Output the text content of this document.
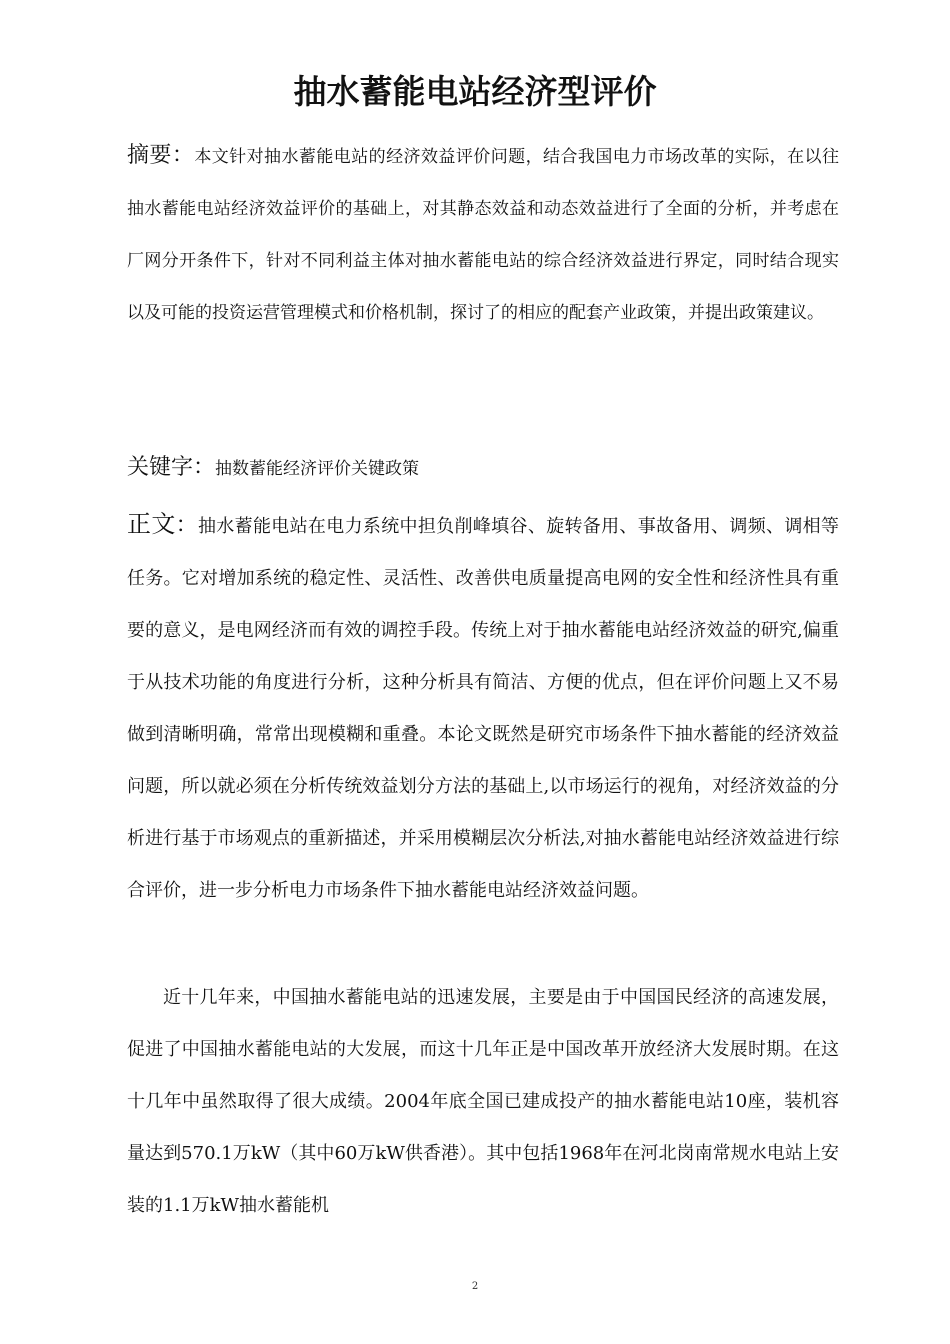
抽水蓄能电站经济型评价

摘要：本文针对抽水蓄能电站的经济效益评价问题，结合我国电力市场改革的实际，在以往抽水蓄能电站经济效益评价的基础上，对其静态效益和动态效益进行了全面的分析，并考虑在厂网分开条件下，针对不同利益主体对抽水蓄能电站的综合经济效益进行界定，同时结合现实以及可能的投资运营管理模式和价格机制，探讨了的相应的配套产业政策，并提出政策建议。

关键字：抽数蓄能经济评价关键政策

正文：抽水蓄能电站在电力系统中担负削峰填谷、旋转备用、事故备用、调频、调相等任务。它对增加系统的稳定性、灵活性、改善供电质量提高电网的安全性和经济性具有重要的意义，是电网经济而有效的调控手段。传统上对于抽水蓄能电站经济效益的研究,偏重于从技术功能的角度进行分析，这种分析具有简洁、方便的优点，但在评价问题上又不易做到清晰明确，常常出现模糊和重叠。本论文既然是研究市场条件下抽水蓄能的经济效益问题，所以就必须在分析传统效益划分方法的基础上,以市场运行的视角，对经济效益的分析进行基于市场观点的重新描述，并采用模糊层次分析法,对抽水蓄能电站经济效益进行综合评价，进一步分析电力市场条件下抽水蓄能电站经济效益问题。

近十几年来，中国抽水蓄能电站的迅速发展，主要是由于中国国民经济的高速发展，促进了中国抽水蓄能电站的大发展，而这十几年正是中国改革开放经济大发展时期。在这十几年中虽然取得了很大成绩。2004年底全国已建成投产的抽水蓄能电站10座，装机容量达到570.1万kW（其中60万kW供香港）。其中包括1968年在河北岗南常规水电站上安装的1.1万kW抽水蓄能机

2
